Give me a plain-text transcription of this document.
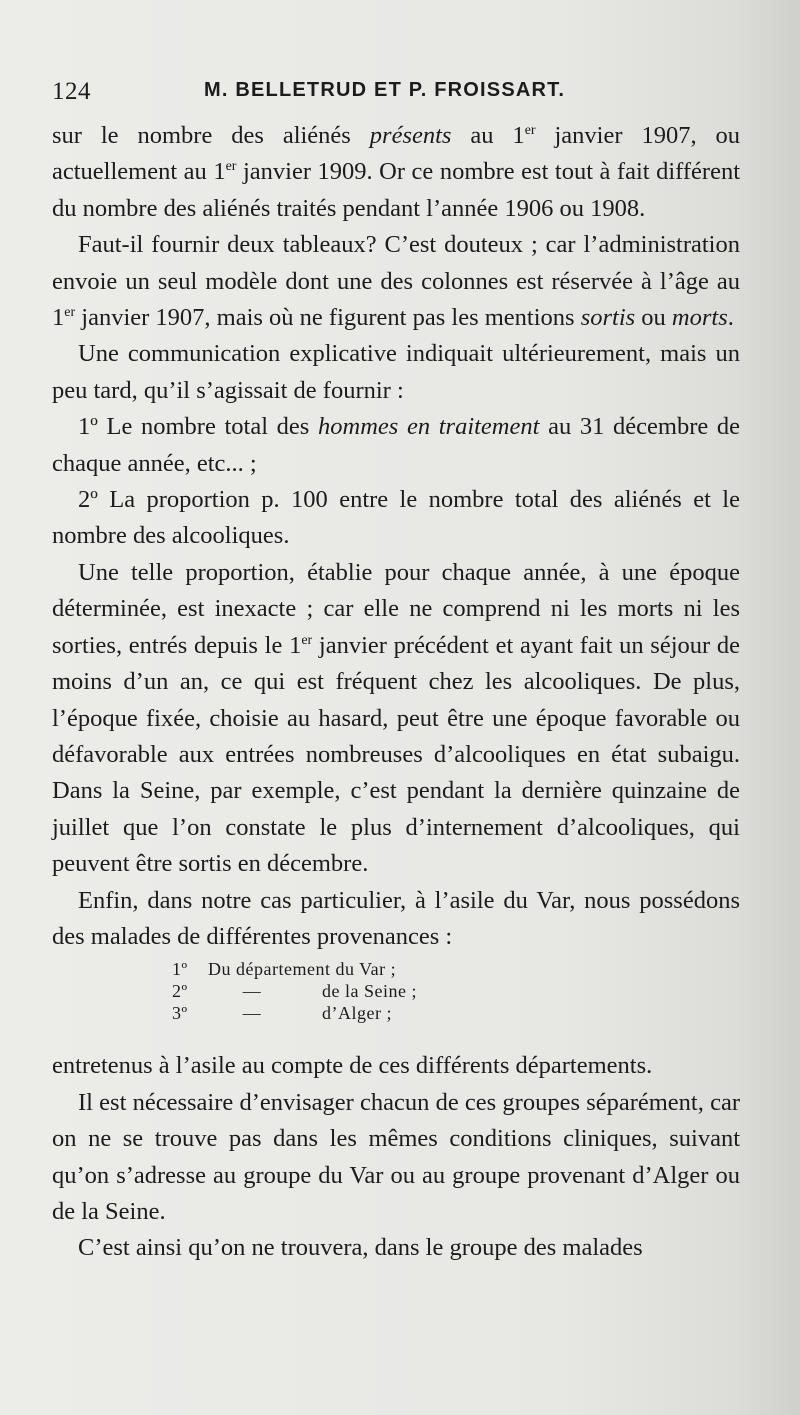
124	M. BELLETRUD ET P. FROISSART.

sur le nombre des aliénés présents au 1er janvier 1907, ou actuellement au 1er janvier 1909. Or ce nombre est tout à fait différent du nombre des aliénés traités pendant l’année 1906 ou 1908.

Faut-il fournir deux tableaux? C’est douteux ; car l’administration envoie un seul modèle dont une des colonnes est réservée à l’âge au 1er janvier 1907, mais où ne figurent pas les mentions sortis ou morts.

Une communication explicative indiquait ultérieurement, mais un peu tard, qu’il s’agissait de fournir :

1º Le nombre total des hommes en traitement au 31 décembre de chaque année, etc... ;

2º La proportion p. 100 entre le nombre total des aliénés et le nombre des alcooliques.

Une telle proportion, établie pour chaque année, à une époque déterminée, est inexacte ; car elle ne comprend ni les morts ni les sorties, entrés depuis le 1er janvier précédent et ayant fait un séjour de moins d’un an, ce qui est fréquent chez les alcooliques. De plus, l’époque fixée, choisie au hasard, peut être une époque favorable ou défavorable aux entrées nombreuses d’alcooliques en état subaigu. Dans la Seine, par exemple, c’est pendant la dernière quinzaine de juillet que l’on constate le plus d’internement d’alcooliques, qui peuvent être sortis en décembre.

Enfin, dans notre cas particulier, à l’asile du Var, nous possédons des malades de différentes provenances :

1º	Du département du Var ;
2º	—	de la Seine ;
3º	—	d’Alger ;

entretenus à l’asile au compte de ces différents départements.

Il est nécessaire d’envisager chacun de ces groupes séparément, car on ne se trouve pas dans les mêmes conditions cliniques, suivant qu’on s’adresse au groupe du Var ou au groupe provenant d’Alger ou de la Seine.

C’est ainsi qu’on ne trouvera, dans le groupe des malades
